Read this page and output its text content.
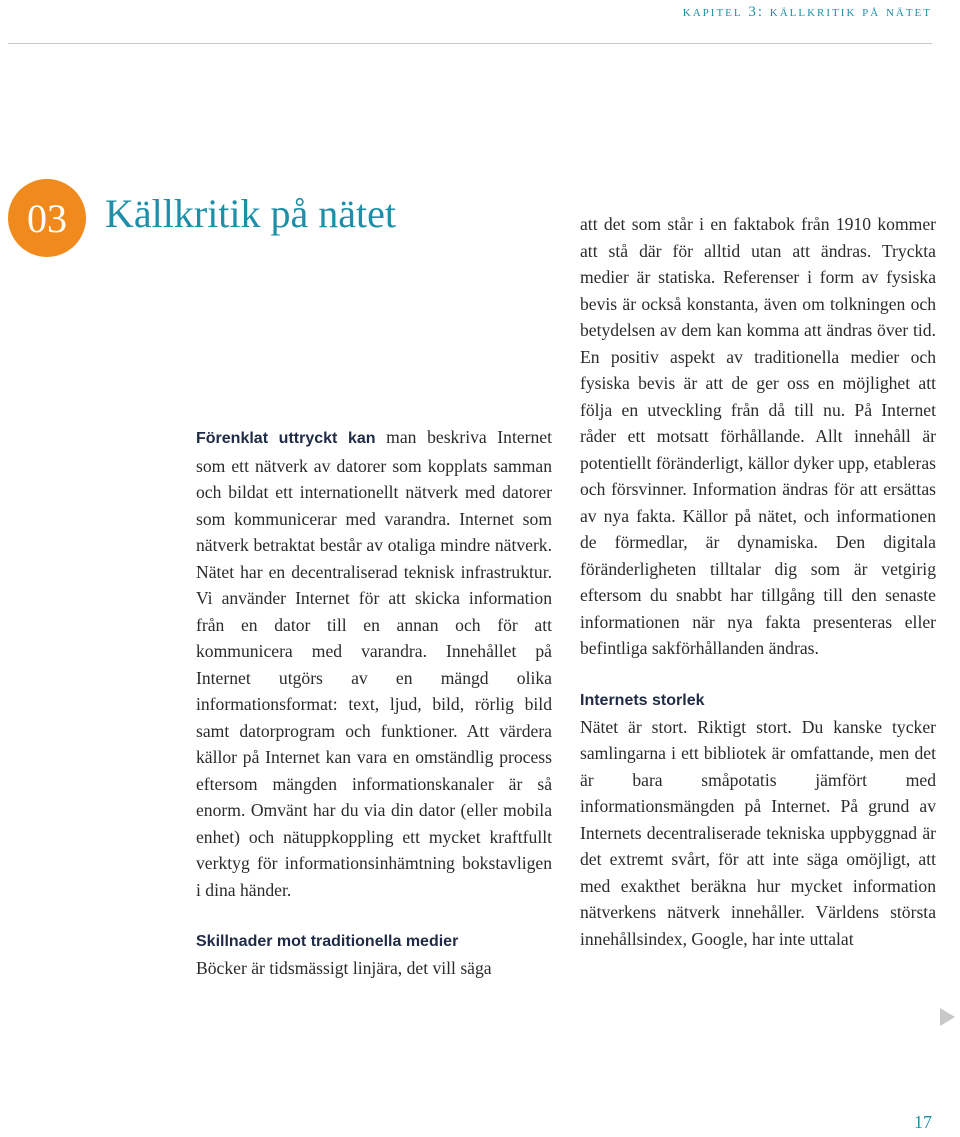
kapitel 3: källkritik på nätet
03 Källkritik på nätet

Förenklat uttryckt kan man beskriva Internet som ett nätverk av datorer som kopplats samman och bildat ett internationellt nätverk med datorer som kommunicerar med varandra. Internet som nätverk betraktat består av otaliga mindre nätverk. Nätet har en decentraliserad teknisk infrastruktur. Vi använder Internet för att skicka information från en dator till en annan och för att kommunicera med varandra. Innehållet på Internet utgörs av en mängd olika informationsformat: text, ljud, bild, rörlig bild samt datorprogram och funktioner. Att värdera källor på Internet kan vara en omständlig process eftersom mängden informationskanaler är så enorm. Omvänt har du via din dator (eller mobila enhet) och nätuppkoppling ett mycket kraftfullt verktyg för informationsinhämtning bokstavligen i dina händer.

Skillnader mot traditionella medier

Böcker är tidsmässigt linjära, det vill säga

att det som står i en faktabok från 1910 kommer att stå där för alltid utan att ändras. Tryckta medier är statiska. Referenser i form av fysiska bevis är också konstanta, även om tolkningen och betydelsen av dem kan komma att ändras över tid. En positiv aspekt av traditionella medier och fysiska bevis är att de ger oss en möjlighet att följa en utveckling från då till nu. På Internet råder ett motsatt förhållande. Allt innehåll är potentiellt föränderligt, källor dyker upp, etableras och försvinner. Information ändras för att ersättas av nya fakta. Källor på nätet, och informationen de förmedlar, är dynamiska. Den digitala föränderligheten tilltalar dig som är vetgirig eftersom du snabbt har tillgång till den senaste informationen när nya fakta presenteras eller befintliga sakförhållanden ändras.

Internets storlek

Nätet är stort. Riktigt stort. Du kanske tycker samlingarna i ett bibliotek är omfattande, men det är bara småpotatis jämfört med informationsmängden på Internet. På grund av Internets decentraliserade tekniska uppbyggnad är det extremt svårt, för att inte säga omöjligt, att med exakthet beräkna hur mycket information nätverkens nätverk innehåller. Världens största innehållsindex, Google, har inte uttalat

17
